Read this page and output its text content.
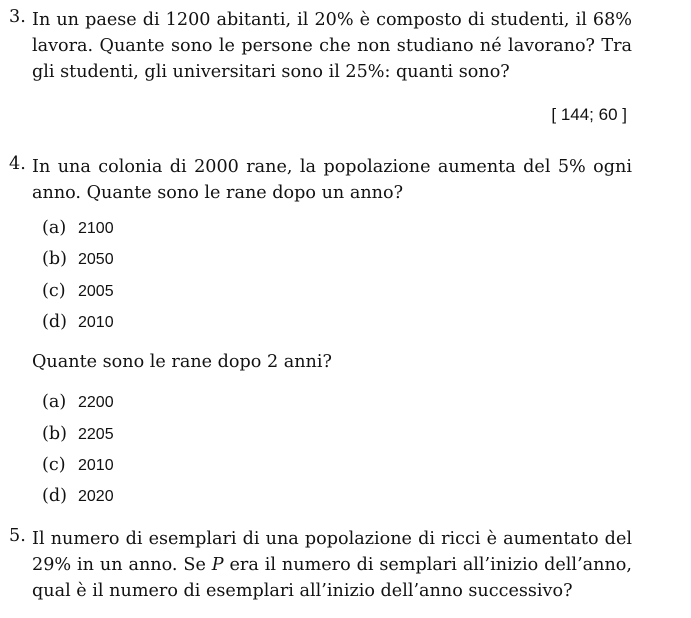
3. In un paese di 1200 abitanti, il 20% è composto di studenti, il 68% lavora. Quante sono le persone che non studiano né lavorano? Tra gli studenti, gli universitari sono il 25%: quanti sono?
[ 144; 60 ]
4. In una colonia di 2000 rane, la popolazione aumenta del 5% ogni anno. Quante sono le rane dopo un anno?
(a) 2100
(b) 2050
(c) 2005
(d) 2010
Quante sono le rane dopo 2 anni?
(a) 2200
(b) 2205
(c) 2010
(d) 2020
5. Il numero di esemplari di una popolazione di ricci è aumentato del 29% in un anno. Se P era il numero di semplari all’inizio dell’anno, qual è il numero di esemplari all’inizio dell’anno successivo?
